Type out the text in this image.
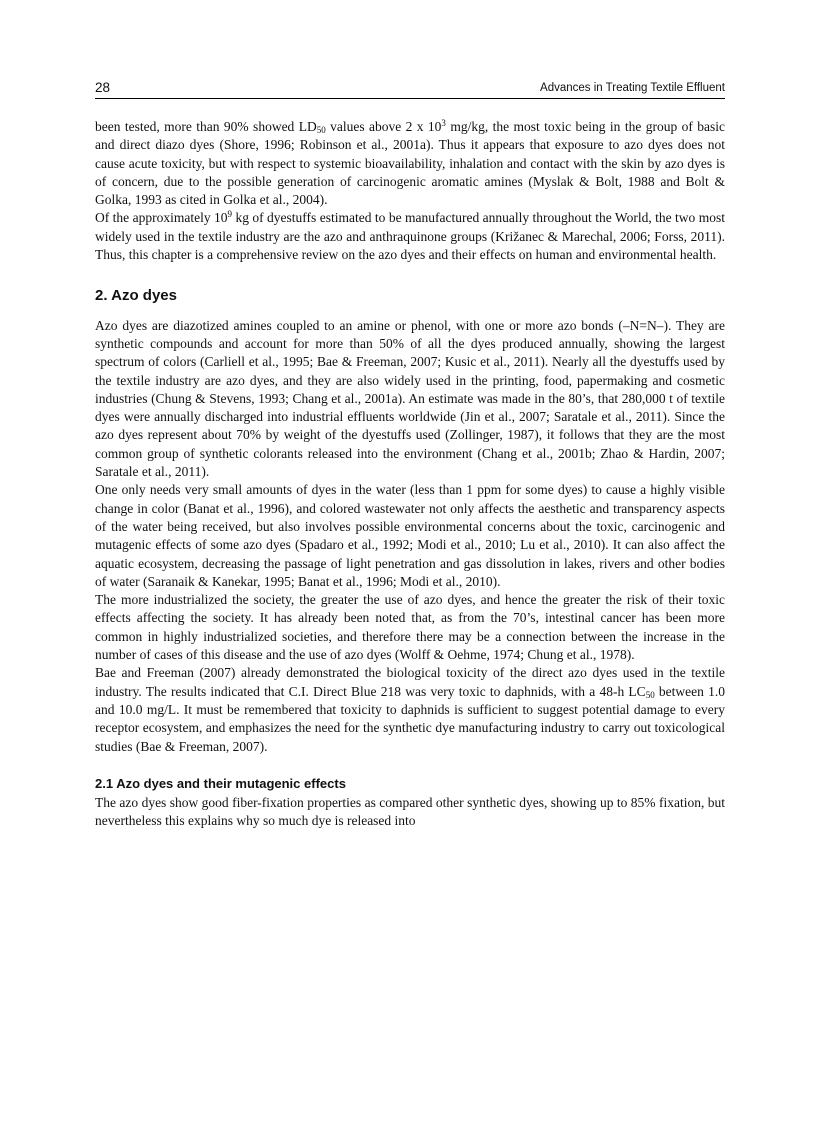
28	Advances in Treating Textile Effluent

been tested, more than 90% showed $LD_{50}$ values above 2 x $10^3$ mg/kg, the most toxic being in the group of basic and direct diazo dyes (Shore, 1996; Robinson et al., 2001a). Thus it appears that exposure to azo dyes does not cause acute toxicity, but with respect to systemic bioavailability, inhalation and contact with the skin by azo dyes is of concern, due to the possible generation of carcinogenic aromatic amines (Myslak & Bolt, 1988 and Bolt & Golka, 1993 as cited in Golka et al., 2004).

Of the approximately $10^9$ kg of dyestuffs estimated to be manufactured annually throughout the World, the two most widely used in the textile industry are the azo and anthraquinone groups (Križanec & Marechal, 2006; Forss, 2011). Thus, this chapter is a comprehensive review on the azo dyes and their effects on human and environmental health.

2. Azo dyes

Azo dyes are diazotized amines coupled to an amine or phenol, with one or more azo bonds (–N=N–). They are synthetic compounds and account for more than 50% of all the dyes produced annually, showing the largest spectrum of colors (Carliell et al., 1995; Bae & Freeman, 2007; Kusic et al., 2011). Nearly all the dyestuffs used by the textile industry are azo dyes, and they are also widely used in the printing, food, papermaking and cosmetic industries (Chung & Stevens, 1993; Chang et al., 2001a). An estimate was made in the 80’s, that 280,000 t of textile dyes were annually discharged into industrial effluents worldwide (Jin et al., 2007; Saratale et al., 2011). Since the azo dyes represent about 70% by weight of the dyestuffs used (Zollinger, 1987), it follows that they are the most common group of synthetic colorants released into the environment (Chang et al., 2001b; Zhao & Hardin, 2007; Saratale et al., 2011).

One only needs very small amounts of dyes in the water (less than 1 ppm for some dyes) to cause a highly visible change in color (Banat et al., 1996), and colored wastewater not only affects the aesthetic and transparency aspects of the water being received, but also involves possible environmental concerns about the toxic, carcinogenic and mutagenic effects of some azo dyes (Spadaro et al., 1992; Modi et al., 2010; Lu et al., 2010). It can also affect the aquatic ecosystem, decreasing the passage of light penetration and gas dissolution in lakes, rivers and other bodies of water (Saranaik & Kanekar, 1995; Banat et al., 1996; Modi et al., 2010).

The more industrialized the society, the greater the use of azo dyes, and hence the greater the risk of their toxic effects affecting the society. It has already been noted that, as from the 70’s, intestinal cancer has been more common in highly industrialized societies, and therefore there may be a connection between the increase in the number of cases of this disease and the use of azo dyes (Wolff & Oehme, 1974; Chung et al., 1978).

Bae and Freeman (2007) already demonstrated the biological toxicity of the direct azo dyes used in the textile industry. The results indicated that C.I. Direct Blue 218 was very toxic to daphnids, with a 48-h $LC_{50}$ between 1.0 and 10.0 mg/L. It must be remembered that toxicity to daphnids is sufficient to suggest potential damage to every receptor ecosystem, and emphasizes the need for the synthetic dye manufacturing industry to carry out toxicological studies (Bae & Freeman, 2007).

2.1 Azo dyes and their mutagenic effects

The azo dyes show good fiber-fixation properties as compared other synthetic dyes, showing up to 85% fixation, but nevertheless this explains why so much dye is released into
